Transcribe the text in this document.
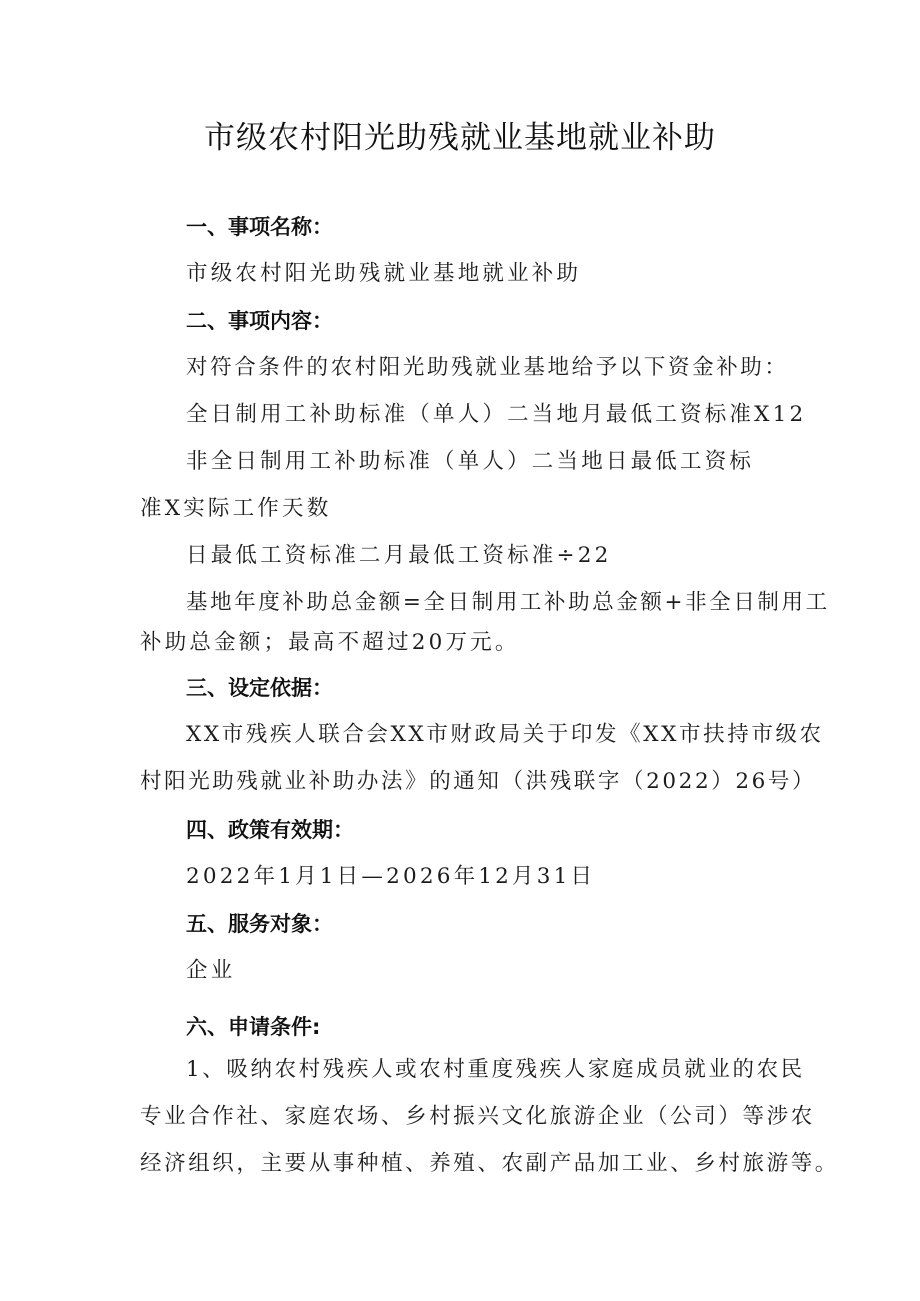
市级农村阳光助残就业基地就业补助
一、事项名称：
市级农村阳光助残就业基地就业补助
二、事项内容：
对符合条件的农村阳光助残就业基地给予以下资金补助：
全日制用工补助标准（单人）二当地月最低工资标准X12
非全日制用工补助标准（单人）二当地日最低工资标
准X实际工作天数
日最低工资标准二月最低工资标准÷22
基地年度补助总金额=全日制用工补助总金额+非全日制用工
补助总金额；最高不超过20万元。
三、设定依据：
XX市残疾人联合会XX市财政局关于印发《XX市扶持市级农
村阳光助残就业补助办法》的通知（洪残联字（2022）26号）
四、政策有效期：
2022年1月1日—2026年12月31日
五、服务对象：
企业
六、申请条件:
1、吸纳农村残疾人或农村重度残疾人家庭成员就业的农民
专业合作社、家庭农场、乡村振兴文化旅游企业（公司）等涉农
经济组织，主要从事种植、养殖、农副产品加工业、乡村旅游等。
